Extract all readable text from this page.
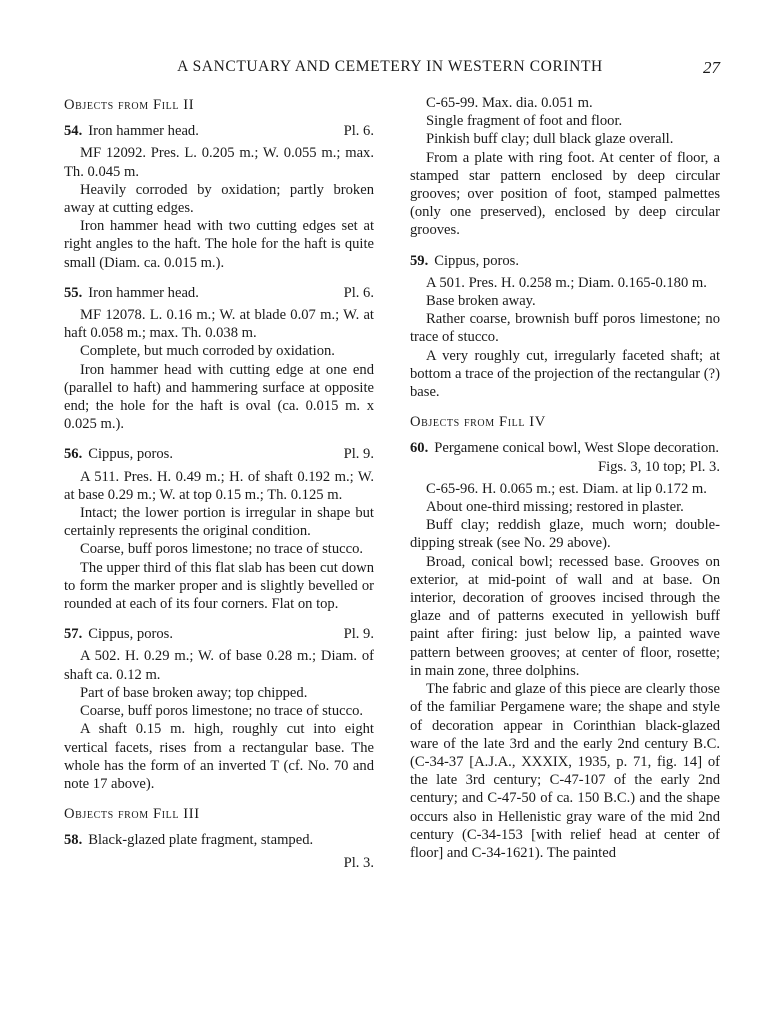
A SANCTUARY AND CEMETERY IN WESTERN CORINTH	27
Objects from Fill II
54. Iron hammer head.	Pl. 6.

MF 12092. Pres. L. 0.205 m.; W. 0.055 m.; max. Th. 0.045 m.

Heavily corroded by oxidation; partly broken away at cutting edges.

Iron hammer head with two cutting edges set at right angles to the haft. The hole for the haft is quite small (Diam. ca. 0.015 m.).

55. Iron hammer head.	Pl. 6.

MF 12078. L. 0.16 m.; W. at blade 0.07 m.; W. at haft 0.058 m.; max. Th. 0.038 m.

Complete, but much corroded by oxidation.

Iron hammer head with cutting edge at one end (parallel to haft) and hammering surface at opposite end; the hole for the haft is oval (ca. 0.015 m. x 0.025 m.).

56. Cippus, poros.	Pl. 9.

A 511. Pres. H. 0.49 m.; H. of shaft 0.192 m.; W. at base 0.29 m.; W. at top 0.15 m.; Th. 0.125 m.

Intact; the lower portion is irregular in shape but certainly represents the original condition.

Coarse, buff poros limestone; no trace of stucco.

The upper third of this flat slab has been cut down to form the marker proper and is slightly bevelled or rounded at each of its four corners. Flat on top.

57. Cippus, poros.	Pl. 9.

A 502. H. 0.29 m.; W. of base 0.28 m.; Diam. of shaft ca. 0.12 m.

Part of base broken away; top chipped.

Coarse, buff poros limestone; no trace of stucco.

A shaft 0.15 m. high, roughly cut into eight vertical facets, rises from a rectangular base. The whole has the form of an inverted T (cf. No. 70 and note 17 above).

Objects from Fill III
58. Black-glazed plate fragment, stamped.

Pl. 3.

C-65-99. Max. dia. 0.051 m.

Single fragment of foot and floor.

Pinkish buff clay; dull black glaze overall.

From a plate with ring foot. At center of floor, a stamped star pattern enclosed by deep circular grooves; over position of foot, stamped palmettes (only one preserved), enclosed by deep circular grooves.

59. Cippus, poros.

A 501. Pres. H. 0.258 m.; Diam. 0.165-0.180 m.

Base broken away.

Rather coarse, brownish buff poros limestone; no trace of stucco.

A very roughly cut, irregularly faceted shaft; at bottom a trace of the projection of the rectangular (?) base.

Objects from Fill IV
60. Pergamene conical bowl, West Slope decoration.
Figs. 3, 10 top; Pl. 3.

C-65-96. H. 0.065 m.; est. Diam. at lip 0.172 m.

About one-third missing; restored in plaster.

Buff clay; reddish glaze, much worn; double-dipping streak (see No. 29 above).

Broad, conical bowl; recessed base. Grooves on exterior, at mid-point of wall and at base. On interior, decoration of grooves incised through the glaze and of patterns executed in yellowish buff paint after firing: just below lip, a painted wave pattern between grooves; at center of floor, rosette; in main zone, three dolphins.

The fabric and glaze of this piece are clearly those of the familiar Pergamene ware; the shape and style of decoration appear in Corinthian black-glazed ware of the late 3rd and the early 2nd century B.C. (C-34-37 [A.J.A., XXXIX, 1935, p. 71, fig. 14] of the late 3rd century; C-47-107 of the early 2nd century; and C-47-50 of ca. 150 B.C.) and the shape occurs also in Hellenistic gray ware of the mid 2nd century (C-34-153 [with relief head at center of floor] and C-34-1621). The painted
